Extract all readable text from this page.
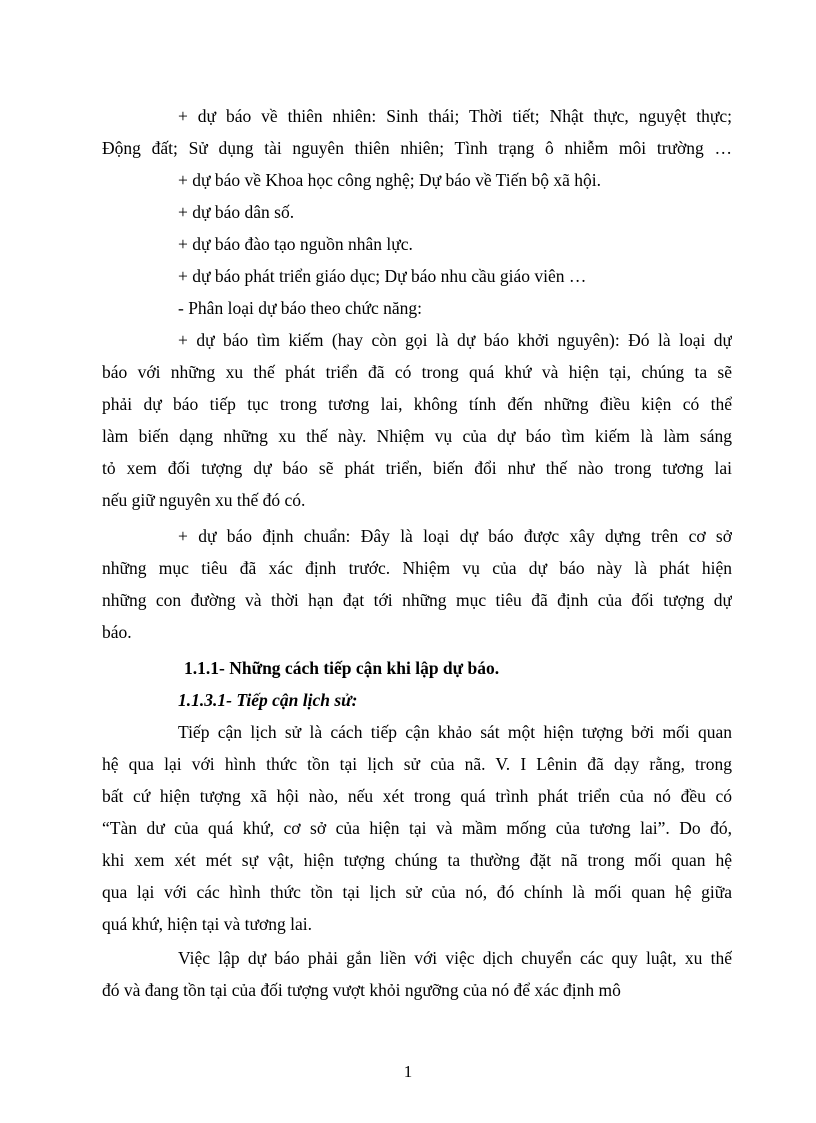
+ dự báo về thiên nhiên: Sinh thái; Thời tiết; Nhật thực, nguyệt thực;
Động đất; Sử dụng tài nguyên thiên nhiên; Tình trạng ô nhiễm môi trường …
+ dự báo về Khoa học công nghệ; Dự báo về Tiến bộ xã hội.
+ dự báo dân số.
+ dự báo đào tạo nguồn nhân lực.
+ dự báo phát triển giáo dục; Dự báo nhu cầu giáo viên …
- Phân loại dự báo theo chức năng:
+ dự báo tìm kiếm (hay còn gọi là dự báo khởi nguyên): Đó là loại dự
báo với những xu thế phát triển đã có trong quá khứ và hiện tại, chúng ta sẽ
phải dự báo tiếp tục trong tương lai, không tính đến những điều kiện có thể
làm biến dạng những xu thế này. Nhiệm vụ của dự báo tìm kiếm là làm sáng
tỏ xem đối tượng dự báo sẽ phát triển, biến đổi như thế nào trong tương lai
nếu giữ nguyên xu thế đó có.
+ dự báo định chuẩn: Đây là loại dự báo được xây dựng trên cơ sở
những mục tiêu đã xác định trước. Nhiệm vụ của dự báo này là phát hiện
những con đường và thời hạn đạt tới những mục tiêu đã định của đối tượng dự
báo.
1.1.1- Những cách tiếp cận khi lập dự báo.
1.1.3.1- Tiếp cận lịch sử:
Tiếp cận lịch sử là cách tiếp cận khảo sát một hiện tượng bởi mối quan
hệ qua lại với hình thức tồn tại lịch sử của nã. V. I Lênin đã dạy rằng, trong
bất cứ hiện tượng xã hội nào, nếu xét trong quá trình phát triển của nó đều có
“Tàn dư của quá khứ, cơ sở của hiện tại và mầm mống của tương lai”. Do đó,
khi xem xét mét sự vật, hiện tượng chúng ta thường đặt nã trong mối quan hệ
qua lại với các hình thức tồn tại lịch sử của nó, đó chính là mối quan hệ giữa
quá khứ, hiện tại và tương lai.
Việc lập dự báo phải gắn liền với việc dịch chuyển các quy luật, xu thế
đó và đang tồn tại của đối tượng vượt khỏi ngưỡng của nó để xác định mô
1
